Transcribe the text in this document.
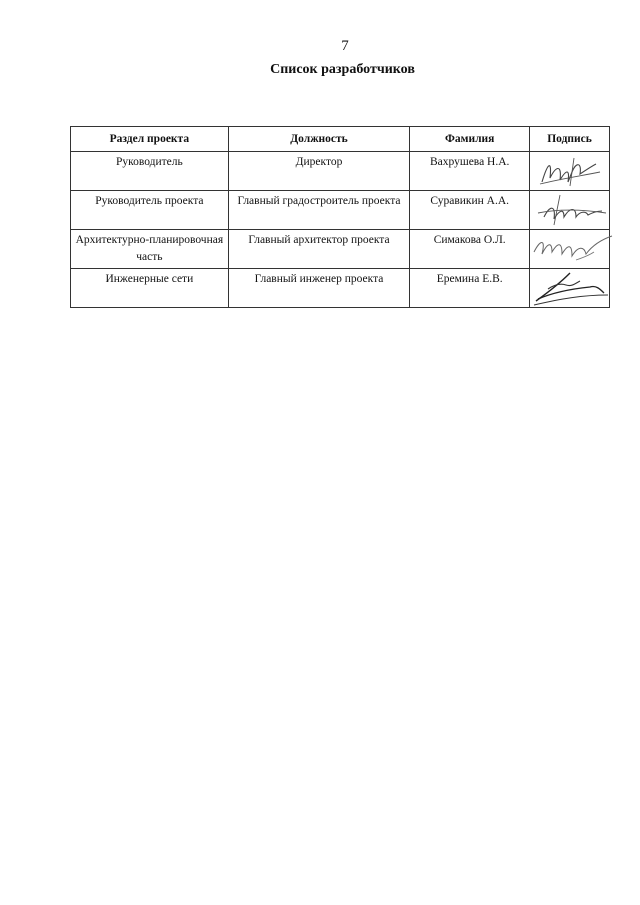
7
Список разработчиков
Раздел проекта	Должность	Фамилия	Подпись
Руководитель	Директор	Вахрушева Н.А.	

Руководитель проекта	Главный градостроитель проекта	Суравикин А.А.	

Архитектурно-планировочная часть	Главный архитектор проекта	Симакова О.Л.	

Инженерные сети	Главный инженер проекта	Еремина Е.В.	
